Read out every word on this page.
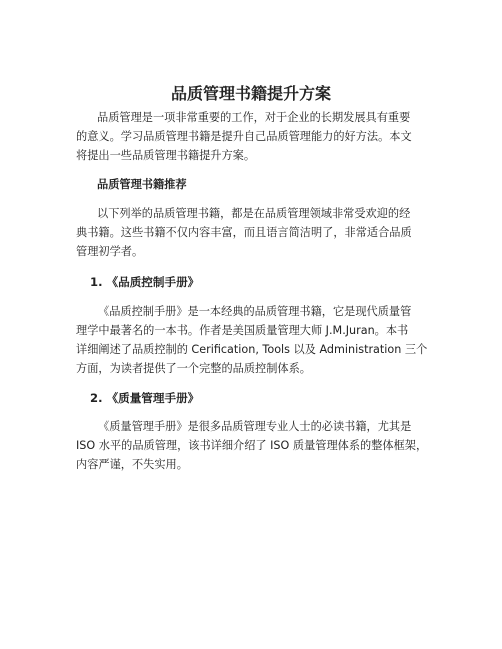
品质管理书籍提升方案
品质管理是一项非常重要的工作，对于企业的长期发展具有重要
的意义。学习品质管理书籍是提升自己品质管理能力的好方法。本文
将提出一些品质管理书籍提升方案。
品质管理书籍推荐
以下列举的品质管理书籍，都是在品质管理领域非常受欢迎的经
典书籍。这些书籍不仅内容丰富，而且语言简洁明了，非常适合品质
管理初学者。
1. 《品质控制手册》
《品质控制手册》是一本经典的品质管理书籍，它是现代质量管
理学中最著名的一本书。作者是美国质量管理大师 J.M.Juran。本书
详细阐述了品质控制的 Cerification, Tools 以及 Administration 三个
方面，为读者提供了一个完整的品质控制体系。
2. 《质量管理手册》
《质量管理手册》是很多品质管理专业人士的必读书籍，尤其是
ISO 水平的品质管理，该书详细介绍了 ISO 质量管理体系的整体框架，
内容严谨，不失实用。
